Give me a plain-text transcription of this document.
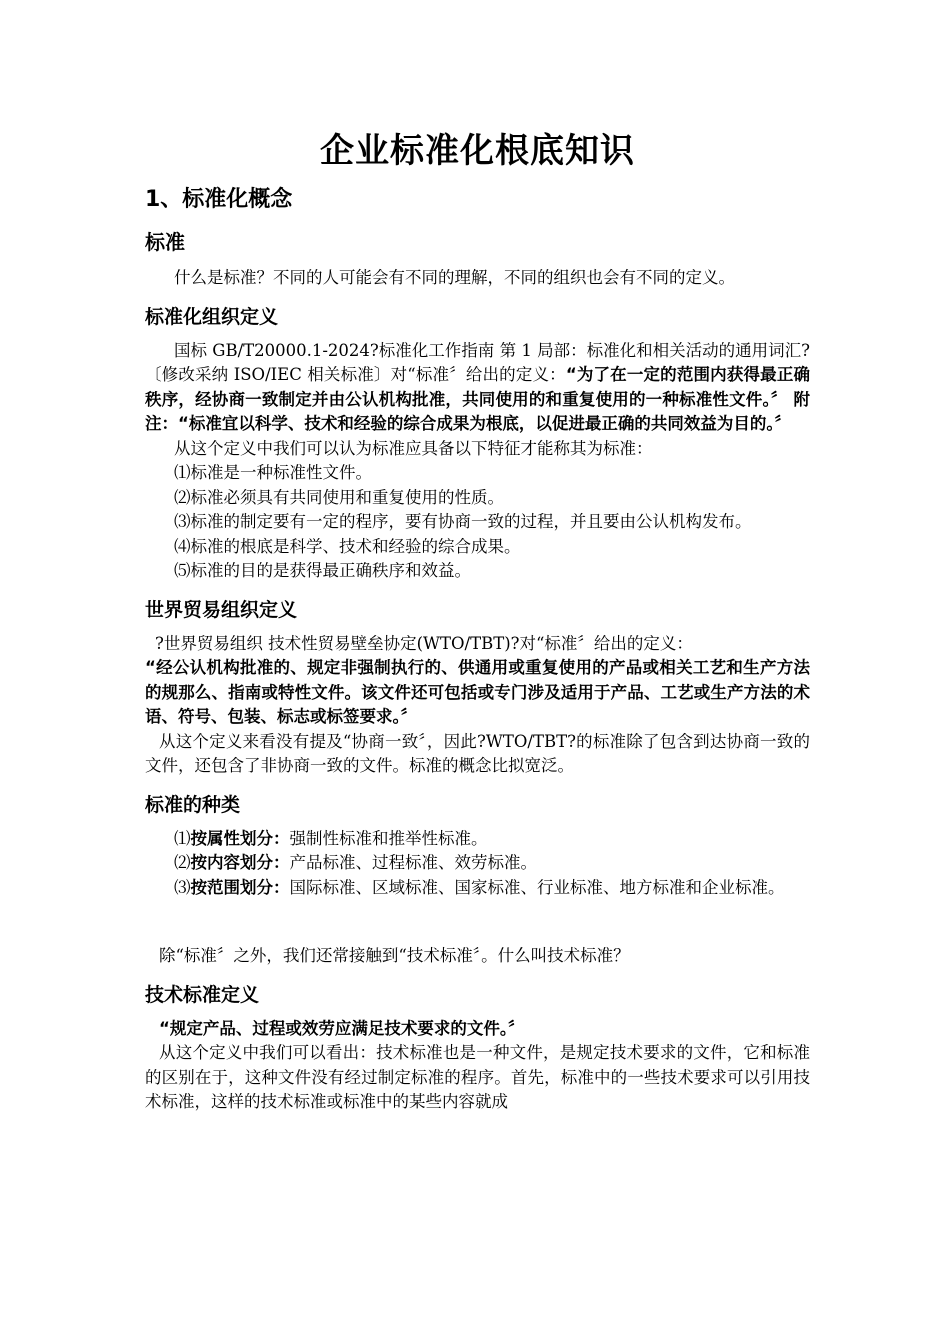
企业标准化根底知识
1、标准化概念
标准

什么是标准？不同的人可能会有不同的理解，不同的组织也会有不同的定义。

标准化组织定义

国标 GB/T20000.1-2024?标准化工作指南 第 1 局部：标准化和相关活动的通用词汇?〔修改采纳 ISO/IEC 相关标准〕对“标准〞给出的定义：“为了在一定的范围内获得最正确秩序，经协商一致制定并由公认机构批准，共同使用的和重复使用的一种标准性文件。〞 附注：“标准宜以科学、技术和经验的综合成果为根底，以促进最正确的共同效益为目的。〞

从这个定义中我们可以认为标准应具备以下特征才能称其为标准：

⑴标准是一种标准性文件。

⑵标准必须具有共同使用和重复使用的性质。

⑶标准的制定要有一定的程序，要有协商一致的过程，并且要由公认机构发布。

⑷标准的根底是科学、技术和经验的综合成果。

⑸标准的目的是获得最正确秩序和效益。

世界贸易组织定义

?世界贸易组织 技术性贸易壁垒协定(WTO/TBT)?对“标准〞给出的定义：
“经公认机构批准的、规定非强制执行的、供通用或重复使用的产品或相关工艺和生产方法的规那么、指南或特性文件。该文件还可包括或专门涉及适用于产品、工艺或生产方法的术语、符号、包装、标志或标签要求。〞

从这个定义来看没有提及“协商一致〞，因此?WTO/TBT?的标准除了包含到达协商一致的文件，还包含了非协商一致的文件。标准的概念比拟宽泛。

标准的种类

⑴按属性划分：强制性标准和推举性标准。

⑵按内容划分：产品标准、过程标准、效劳标准。

⑶按范围划分：国际标准、区域标准、国家标准、行业标准、地方标准和企业标准。

除“标准〞之外，我们还常接触到“技术标准〞。什么叫技术标准？

技术标准定义

“规定产品、过程或效劳应满足技术要求的文件。〞

从这个定义中我们可以看出：技术标准也是一种文件，是规定技术要求的文件，它和标准的区别在于，这种文件没有经过制定标准的程序。首先，标准中的一些技术要求可以引用技术标准，这样的技术标准或标准中的某些内容就成
